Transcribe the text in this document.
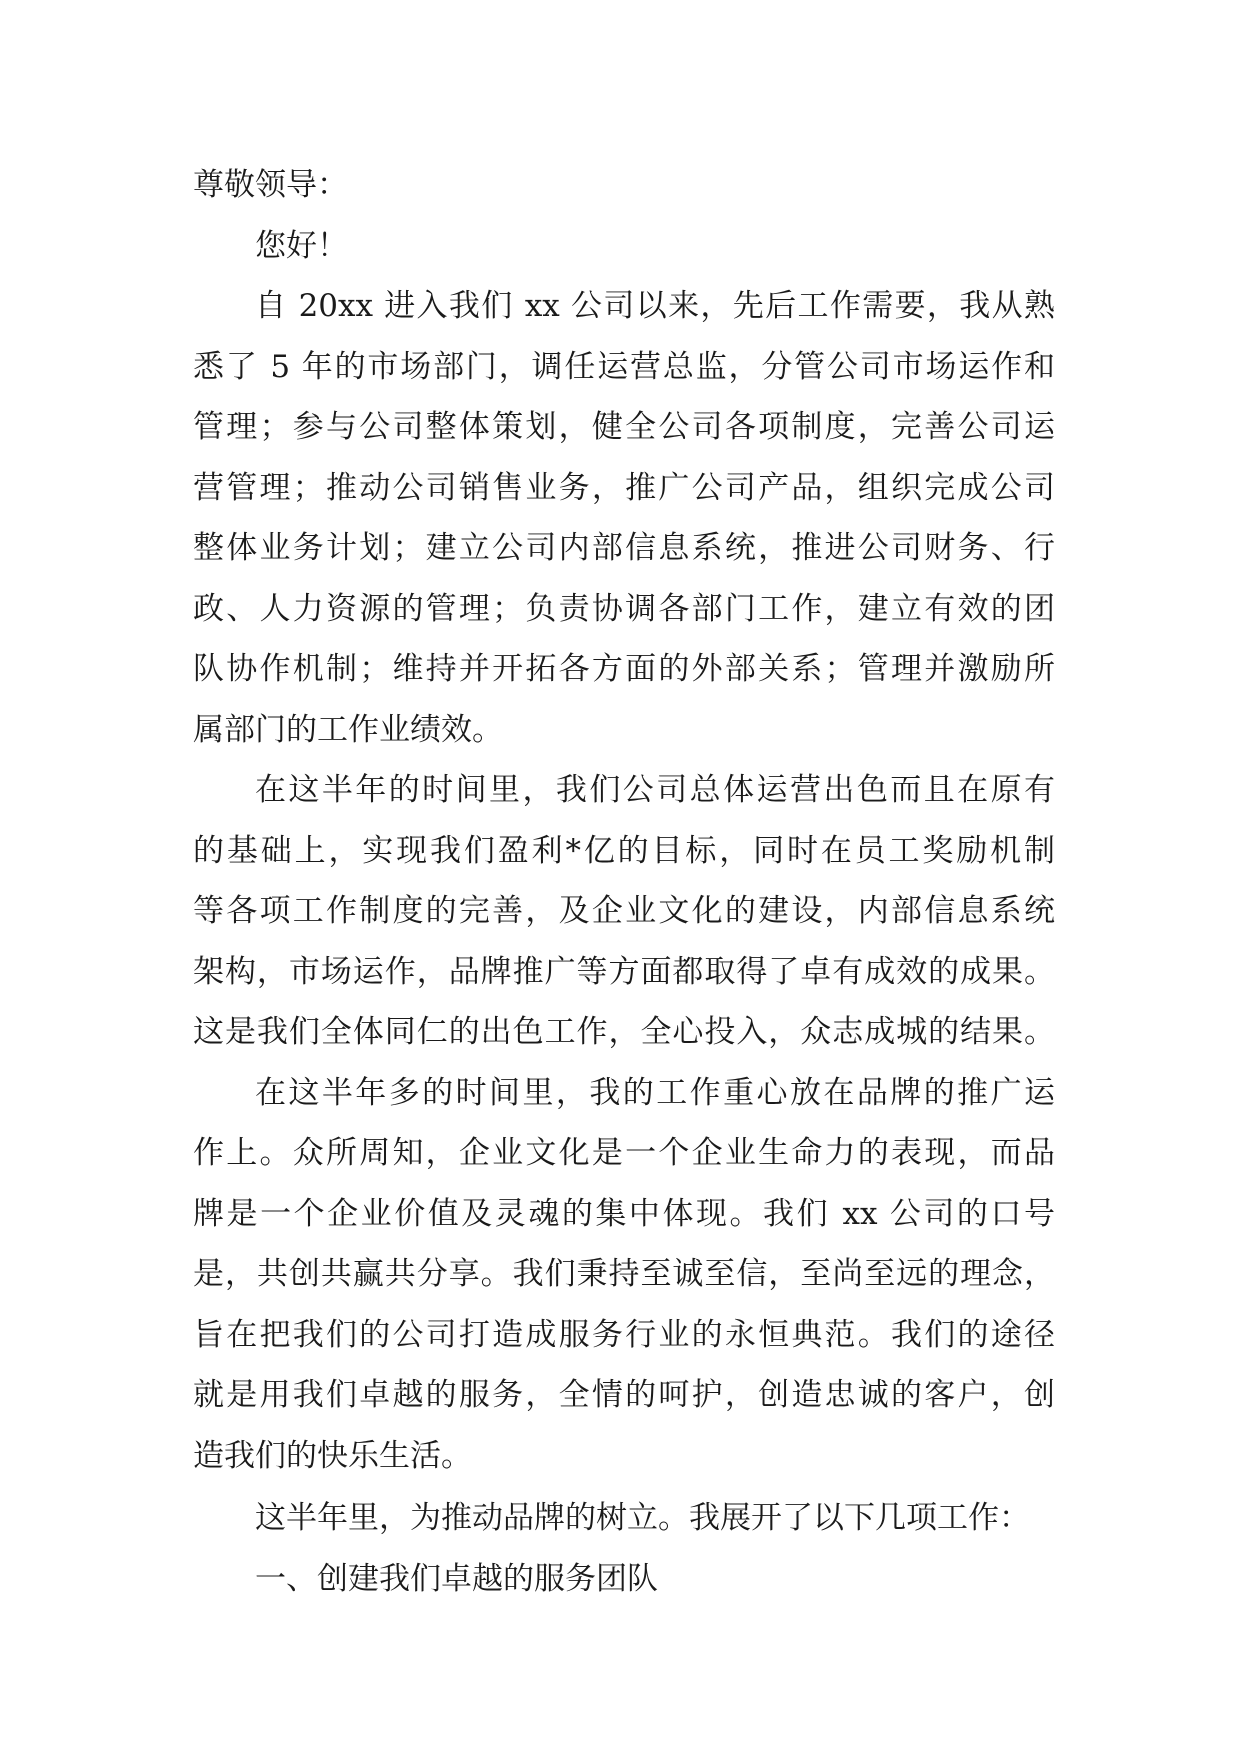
尊敬领导：
您好！
自 20xx 进入我们 xx 公司以来，先后工作需要，我从熟
悉了 5 年的市场部门，调任运营总监，分管公司市场运作和
管理；参与公司整体策划，健全公司各项制度，完善公司运
营管理；推动公司销售业务，推广公司产品，组织完成公司
整体业务计划；建立公司内部信息系统，推进公司财务、行
政、人力资源的管理；负责协调各部门工作，建立有效的团
队协作机制；维持并开拓各方面的外部关系；管理并激励所
属部门的工作业绩效。
在这半年的时间里，我们公司总体运营出色而且在原有
的基础上，实现我们盈利*亿的目标，同时在员工奖励机制
等各项工作制度的完善，及企业文化的建设，内部信息系统
架构，市场运作，品牌推广等方面都取得了卓有成效的成果。
这是我们全体同仁的出色工作，全心投入，众志成城的结果。
在这半年多的时间里，我的工作重心放在品牌的推广运
作上。众所周知，企业文化是一个企业生命力的表现，而品
牌是一个企业价值及灵魂的集中体现。我们 xx 公司的口号
是，共创共赢共分享。我们秉持至诚至信，至尚至远的理念，
旨在把我们的公司打造成服务行业的永恒典范。我们的途径
就是用我们卓越的服务，全情的呵护，创造忠诚的客户，创
造我们的快乐生活。
这半年里，为推动品牌的树立。我展开了以下几项工作：
一、创建我们卓越的服务团队
